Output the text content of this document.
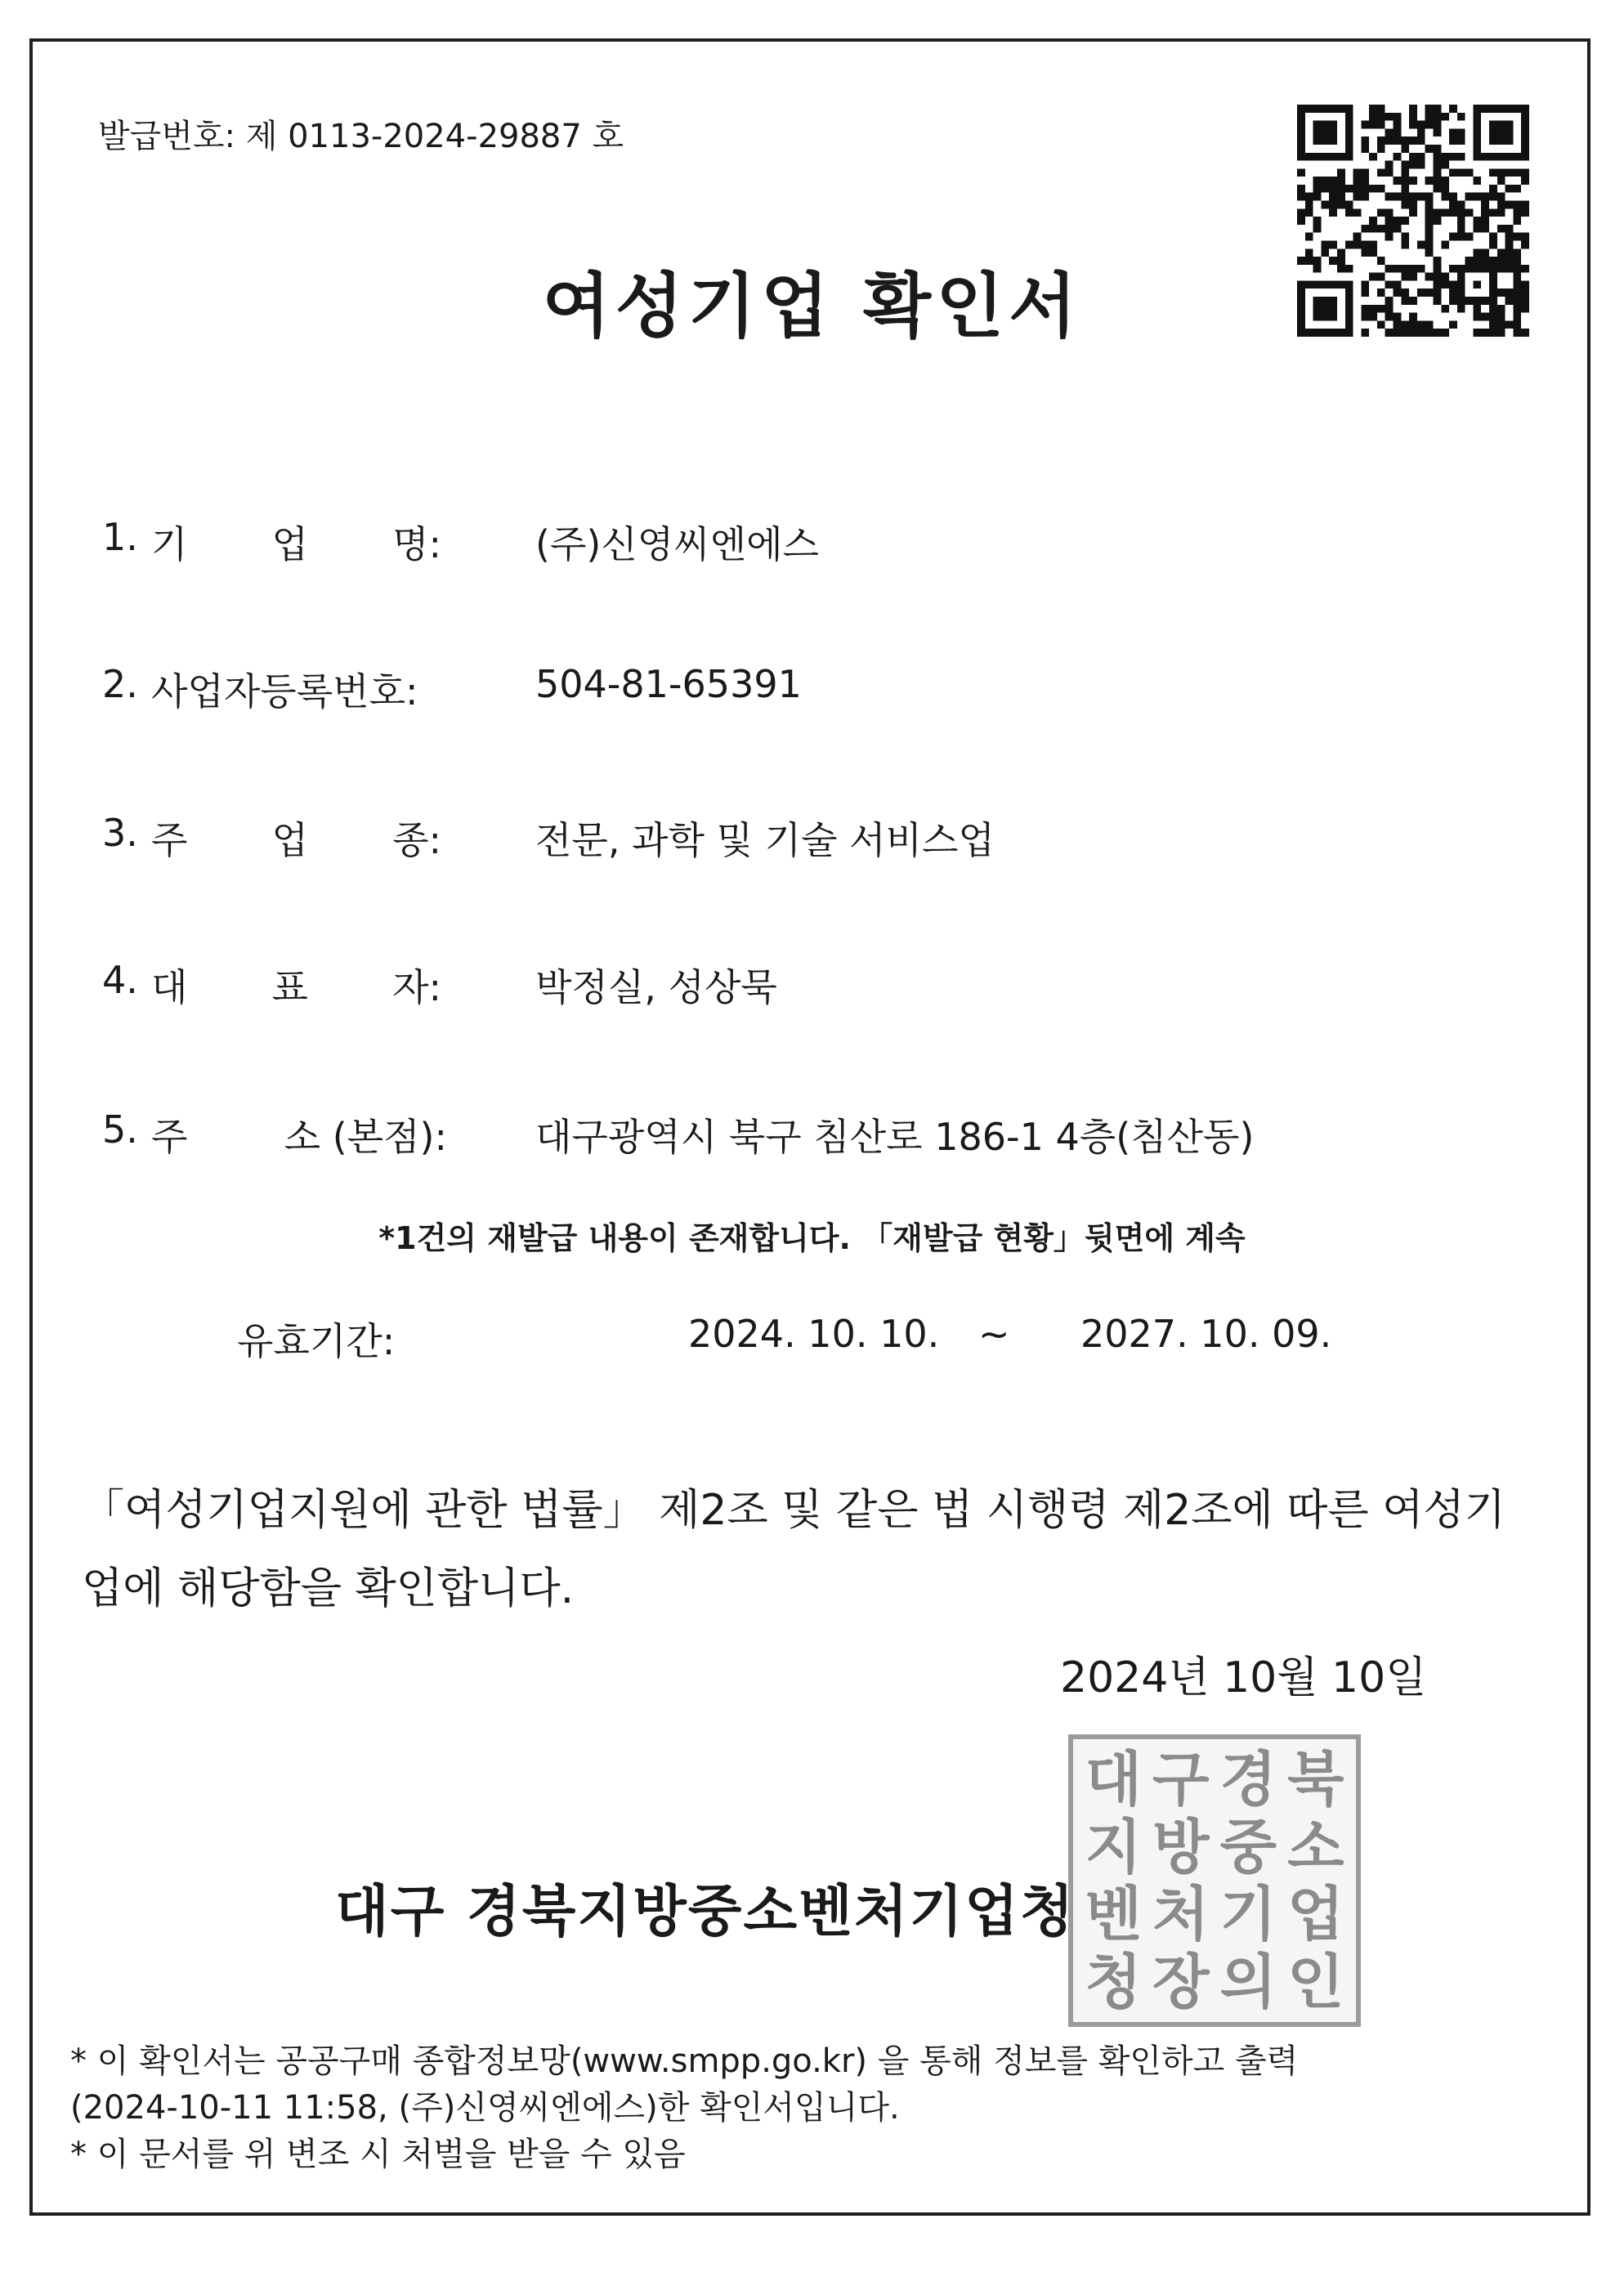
발급번호: 제 0113-2024-29887 호
여성기업 확인서
1. 기 업 명:	(주)신영씨엔에스
2. 사업자등록번호:	504-81-65391
3. 주 업 종:	전문, 과학 및 기술 서비스업
4. 대 표 자:	박정실, 성상묵
5. 주	소 (본점): 대구광역시 북구 침산로 186-1 4층(침산동)
*1건의 재발급 내용이 존재합니다. 「재발급 현황」뒷면에 계속
유효기간:	2024. 10. 10. ~ 2027. 10. 09.
「여성기업지원에 관한 법률」 제2조 및 같은 법 시행령 제2조에 따른 여성기업에 해당함을 확인합니다.
2024년 10월 10일
대구 경북지방중소벤처기업청
대 구 경 북
지 방 중 소
벤 처 기 업
청 장 의 인
* 이 확인서는 공공구매 종합정보망(www.smpp.go.kr) 을 통해 정보를 확인하고 출력
(2024-10-11 11:58, (주)신영씨엔에스)한 확인서입니다.
* 이 문서를 위 변조 시 처벌을 받을 수 있음
